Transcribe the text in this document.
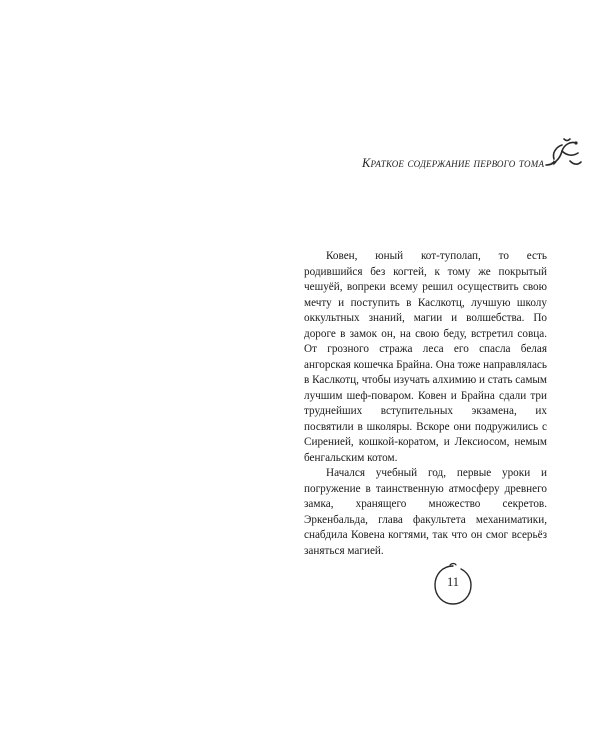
Краткое содержание первого тома ✦

Ковен, юный кот-туполап, то есть родившийся без когтей, к тому же покрытый чешуёй, вопреки всему решил осуществить свою мечту и поступить в Каслкотц, лучшую школу оккультных знаний, магии и волшебства. По дороге в замок он, на свою беду, встретил совца. От грозного стража леса его спасла белая ангорская кошечка Брайна. Она тоже направлялась в Каслкотц, чтобы изучать алхимию и стать самым лучшим шеф-поваром. Ковен и Брайна сдали три труднейших вступительных экзамена, их посвятили в школяры. Вскоре они подружились с Сиренией, кошкой-коратом, и Лексиосом, немым бенгальским котом.

Начался учебный год, первые уроки и погружение в таинственную атмосферу древнего замка, хранящего множество секретов. Эркенбальда, глава факультета механиматики, снабдила Ковена когтями, так что он смог всерьёз заняться магией.

11
